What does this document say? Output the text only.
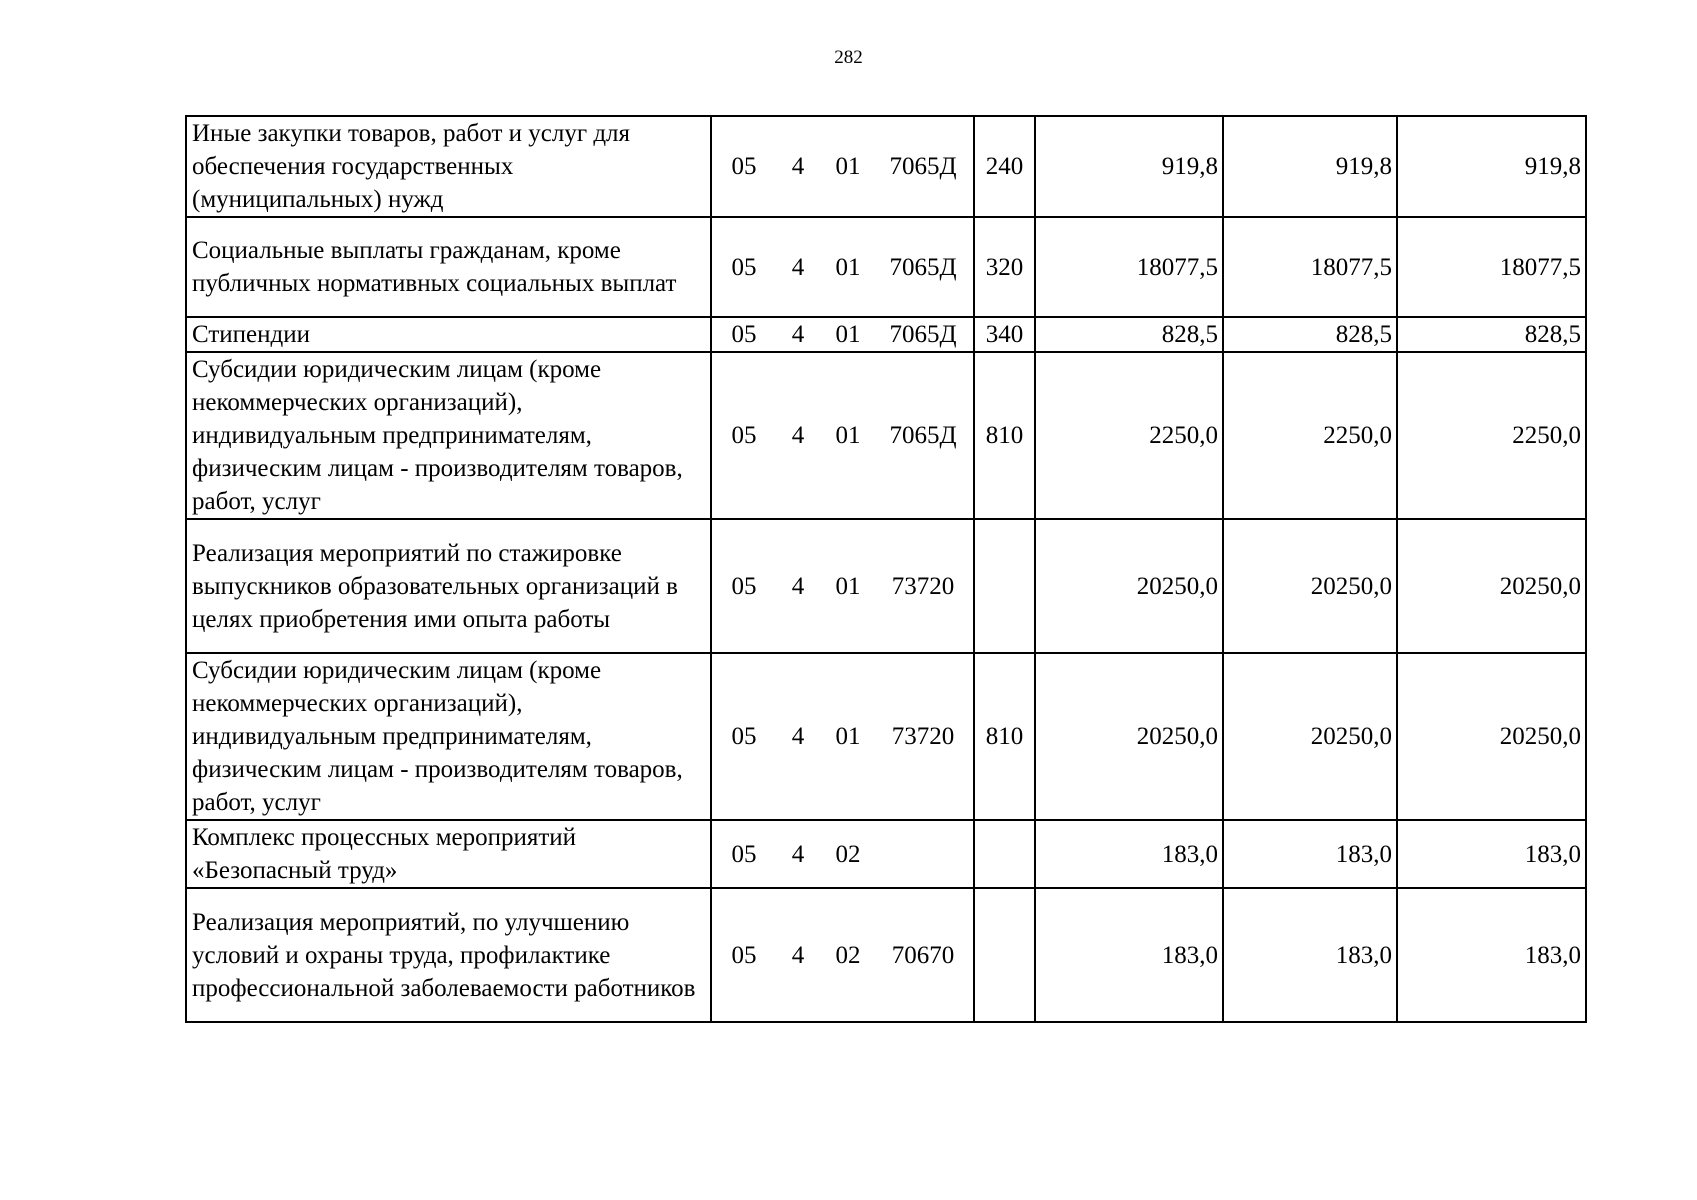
282
Иные закупки товаров, работ и услуг для обеспечения государственных (муниципальных) нужд	05 4 01 7065Д	240	919,8	919,8	919,8
Социальные выплаты гражданам, кроме публичных нормативных социальных выплат	05 4 01 7065Д	320	18077,5	18077,5	18077,5
Стипендии	05 4 01 7065Д	340	828,5	828,5	828,5
Субсидии юридическим лицам (кроме некоммерческих организаций), индивидуальным предпринимателям, физическим лицам - производителям товаров, работ, услуг	05 4 01 7065Д	810	2250,0	2250,0	2250,0
Реализация мероприятий по стажировке выпускников образовательных организаций в целях приобретения ими опыта работы	05 4 01 73720		20250,0	20250,0	20250,0
Субсидии юридическим лицам (кроме некоммерческих организаций), индивидуальным предпринимателям, физическим лицам - производителям товаров, работ, услуг	05 4 01 73720	810	20250,0	20250,0	20250,0
Комплекс процессных мероприятий «Безопасный труд»	05 4 02		183,0	183,0	183,0
Реализация мероприятий, по улучшению условий и охраны труда, профилактике профессиональной заболеваемости работников	05 4 02 70670		183,0	183,0	183,0
